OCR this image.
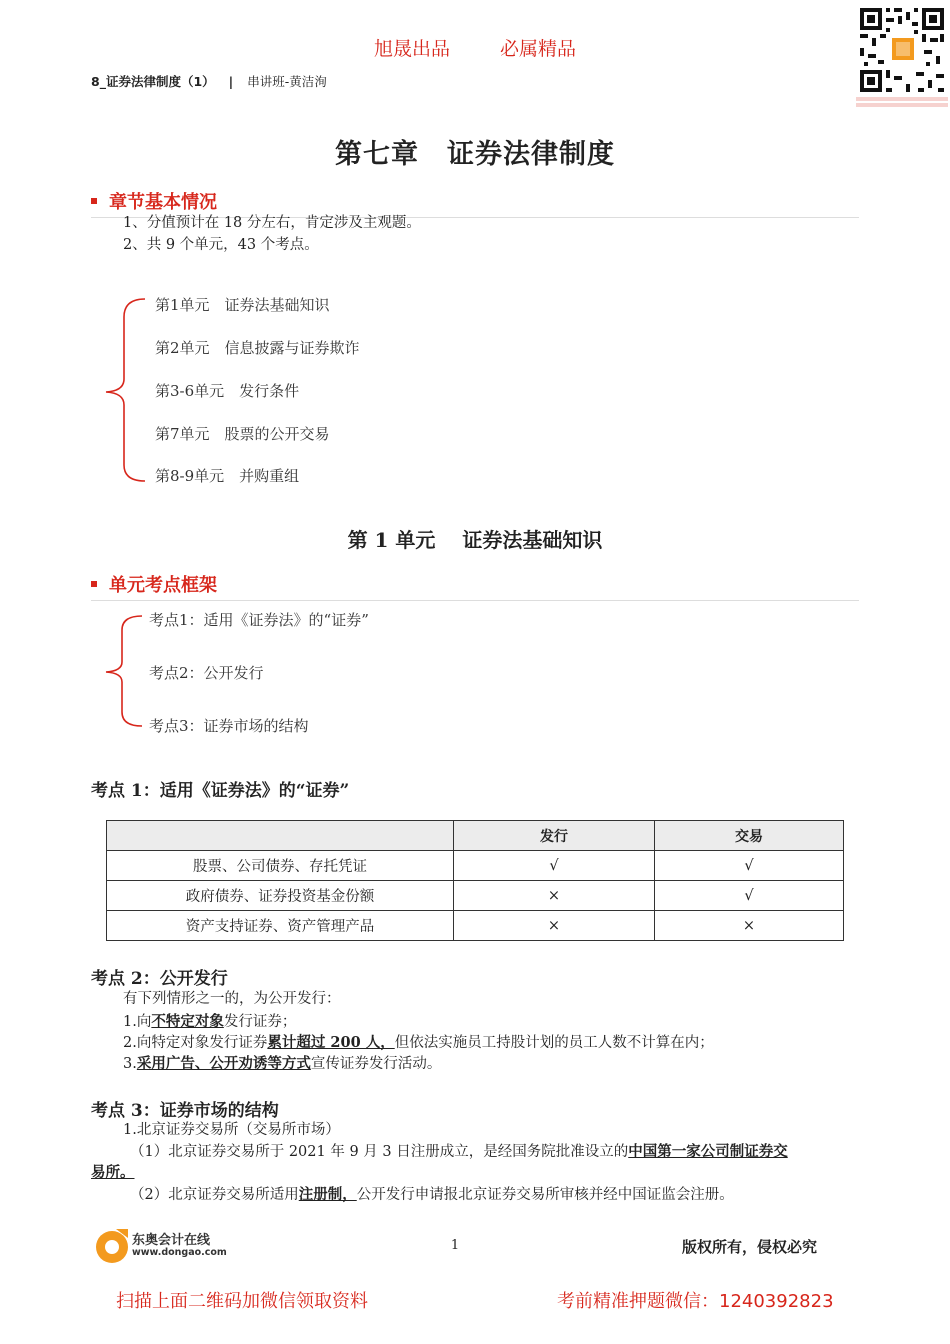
旭晟出品	必属精品
8_证券法律制度（1） | 串讲班-黄洁洵
第七章　证券法律制度
章节基本情况
1、分值预计在 18 分左右，肯定涉及主观题。
2、共 9 个单元，43 个考点。
第1单元　证券法基础知识
第2单元　信息披露与证券欺诈
第3-6单元　发行条件
第7单元　股票的公开交易
第8-9单元　并购重组
第 1 单元　 证券法基础知识
单元考点框架
考点1：适用《证券法》的“证券”
考点2：公开发行
考点3：证券市场的结构
考点 1：适用《证券法》的“证券”
	发行	交易
股票、公司债券、存托凭证	√	√
政府债券、证券投资基金份额	×	√
资产支持证券、资产管理产品	×	×
考点 2：公开发行
有下列情形之一的，为公开发行：
1.向不特定对象发行证券；
2.向特定对象发行证券累计超过 200 人，但依法实施员工持股计划的员工人数不计算在内；
3.采用广告、公开劝诱等方式宣传证券发行活动。
考点 3：证券市场的结构
1.北京证券交易所（交易所市场）
（1）北京证券交易所于 2021 年 9 月 3 日注册成立，是经国务院批准设立的中国第一家公司制证券交
易所。
（2）北京证券交易所适用注册制，公开发行申请报北京证券交易所审核并经中国证监会注册。
东奥会计在线
www.dongao.com	1	版权所有，侵权必究
扫描上面二维码加微信领取资料	考前精准押题微信：1240392823
